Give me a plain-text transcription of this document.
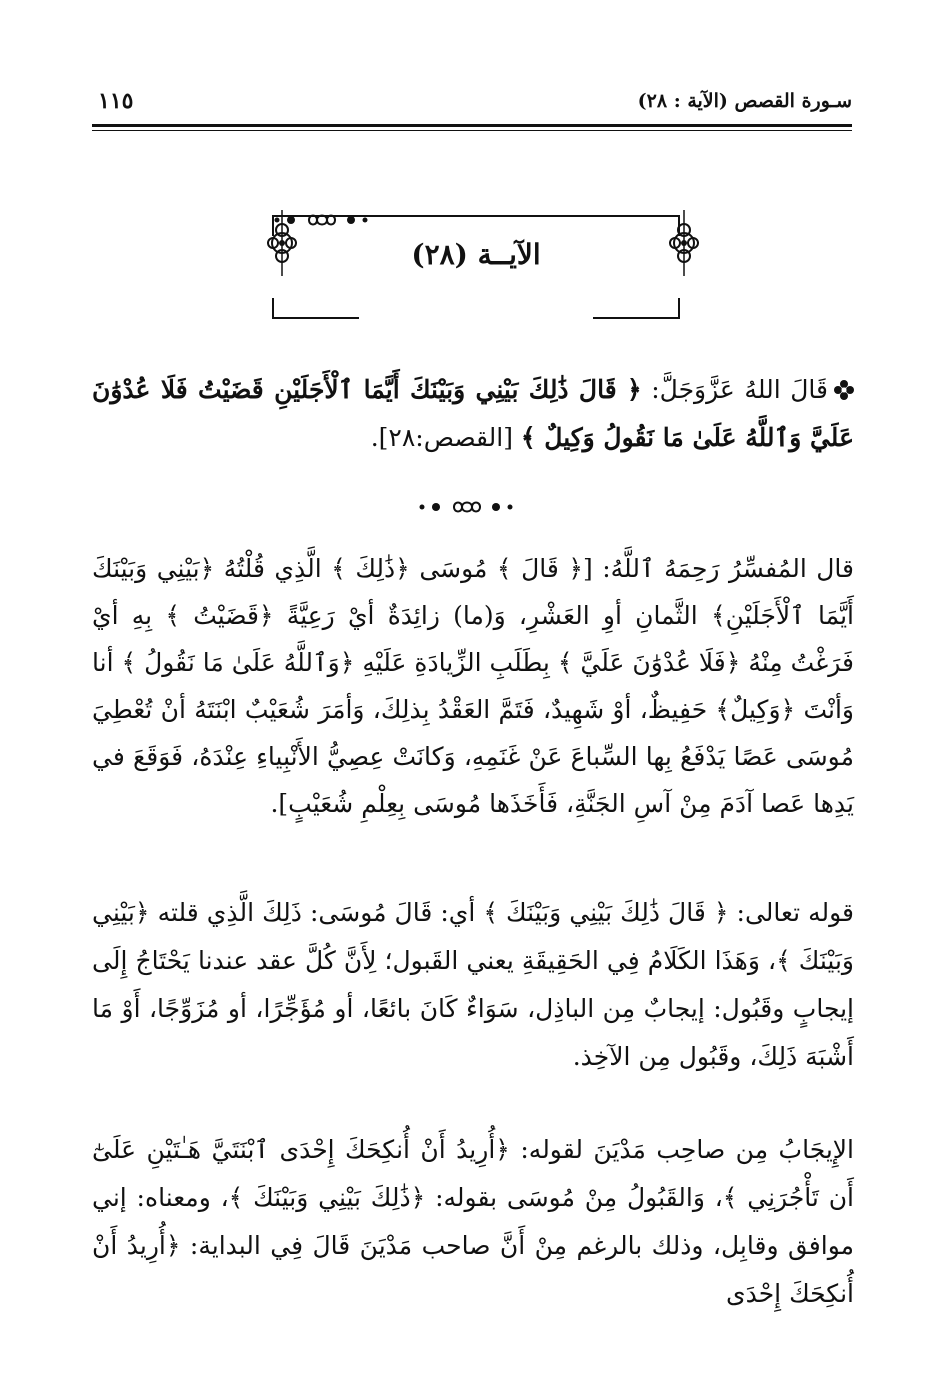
١١٥	سـورة القصص (الآية : ٢٨)
الآيــة (٢٨)
قَالَ اللهُ عَزَّوَجَلَّ: ﴿ قَالَ ذَٰلِكَ بَيْنِي وَبَيْنَكَ أَيَّمَا ٱلْأَجَلَيْنِ قَضَيْتُ فَلَا عُدْوَٰنَ عَلَيَّ وَٱللَّهُ عَلَىٰ مَا نَقُولُ وَكِيلٌ ﴾ [القصص:٢٨].
قال المُفسِّرُ رَحِمَهُ ٱللَّهُ: [﴿ قَالَ ﴾ مُوسَى ﴿ذَٰلِكَ ﴾ الَّذِي قُلْتُهُ ﴿بَيْنِي وَبَيْنَكَ أَيَّمَا ٱلْأَجَلَيْنِ﴾ الثَّمانِ أوِ العَشْرِ، وَ(ما) زائِدَةٌ أيْ رَعِيَّةً ﴿قَضَيْتُ ﴾ بِهِ أيْ فَرَغْتُ مِنْهُ ﴿فَلَا عُدْوَٰنَ عَلَيَّ ﴾ بِطَلَبِ الزِّيادَةِ عَلَيْهِ ﴿وَٱللَّهُ عَلَىٰ مَا نَقُولُ ﴾ أنا وَأنْتَ ﴿وَكِيلٌ﴾ حَفِيظٌ، أوْ شَهِيدٌ، فَتَمَّ العَقْدُ بِذلِكَ، وَأمَرَ شُعَيْبٌ ابْنَتَهُ أنْ تُعْطِيَ مُوسَى عَصًا يَدْفَعُ بِها السِّباعَ عَنْ غَنَمِهِ، وَكانَتْ عِصِيُّ الأَنْبِياءِ عِنْدَهُ، فَوَقَعَ في يَدِها عَصا آدَمَ مِنْ آسِ الجَنَّةِ، فَأَخَذَها مُوسَى بِعِلْمِ شُعَيْبٍ].
قوله تعالى: ﴿ قَالَ ذَٰلِكَ بَيْنِي وَبَيْنَكَ ﴾ أي: قَالَ مُوسَى: ذَلِكَ الَّذِي قلته ﴿بَيْنِي وَبَيْنَكَ ﴾، وَهَذَا الكَلَامُ فِي الحَقِيقَةِ يعني القَبول؛ لِأَنَّ كُلَّ عقد عندنا يَحْتَاجُ إِلَى إيجابٍ وقَبُول: إيجابٌ مِن الباذِل، سَوَاءٌ كَانَ بائعًا، أو مُؤَجِّرًا، أو مُزَوِّجًا، أَوْ مَا أَشْبَهَ ذَلِكَ، وقَبُول مِن الآخِذ.
الإِيجَابُ مِن صاحِب مَدْيَنَ لقوله: ﴿أُرِيدُ أَنْ أُنكِحَكَ إِحْدَى ٱبْنَتَيَّ هَـٰتَيْنِ عَلَىٰٓ أَن تَأْجُرَنِي ﴾، وَالقَبُولُ مِنْ مُوسَى بقوله: ﴿ذَٰلِكَ بَيْنِي وَبَيْنَكَ ﴾، ومعناه: إني موافق وقابِل، وذلك بالرغم مِنْ أَنَّ صاحب مَدْيَنَ قَالَ فِي البداية: ﴿أُرِيدُ أَنْ أُنكِحَكَ إِحْدَى
